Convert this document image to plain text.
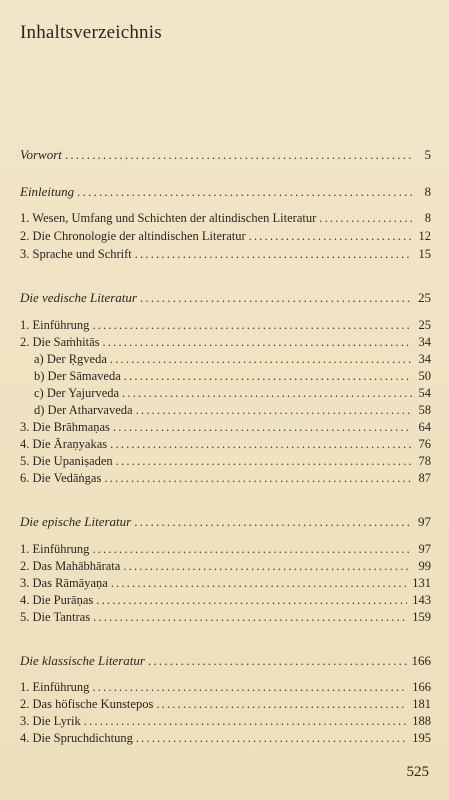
Inhaltsverzeichnis
Vorwort .....	5
Einleitung .....	8
1. Wesen, Umfang und Schichten der altindischen Literatur .....	8
2. Die Chronologie der altindischen Literatur .....	12
3. Sprache und Schrift .....	15
Die vedische Literatur .....	25
1. Einführung .....	25
2. Die Saṁhitās .....	34
a) Der Ṛgveda .....	34
b) Der Sāmaveda .....	50
c) Der Yajurveda .....	54
d) Der Atharvaveda .....	58
3. Die Brāhmaṇas .....	64
4. Die Āraṇyakas .....	76
5. Die Upaniṣaden .....	78
6. Die Vedāṅgas .....	87
Die epische Literatur .....	97
1. Einführung .....	97
2. Das Mahābhārata .....	99
3. Das Rāmāyaṇa .....	131
4. Die Purāṇas .....	143
5. Die Tantras .....	159
Die klassische Literatur .....	166
1. Einführung .....	166
2. Das höfische Kunstepos .....	181
3. Die Lyrik .....	188
4. Die Spruchdichtung .....	195
525
